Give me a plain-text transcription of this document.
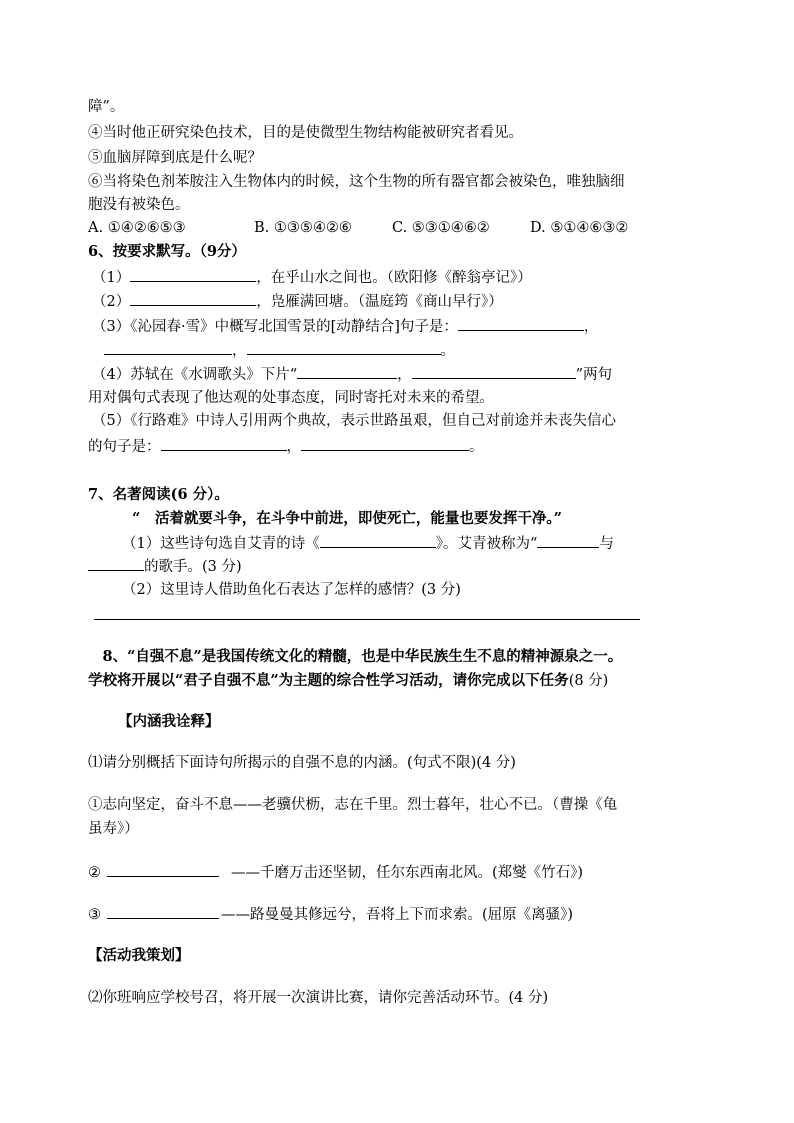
障”。
④当时他正研究染色技术，目的是使微型生物结构能被研究者看见。
⑤血脑屏障到底是什么呢？
⑥当将染色剂苯胺注入生物体内的时候，这个生物的所有器官都会被染色，唯独脑细
胞没有被染色。
A. ①④②⑥⑤③	B. ①③⑤④②⑥	C. ⑤③①④⑥②	D. ⑤①④⑥③②
6、按要求默写。（9分）
（1）	，在乎山水之间也。（欧阳修《醉翁亭记》）
（2）	，凫雁满回塘。（温庭筠《商山早行》）
（3）《沁园春·雪》中概写北国雪景的[动静结合]句子是：	，
，	。
（4）苏轼在《水调歌头》下片“	，	”两句
用对偶句式表现了他达观的处事态度，同时寄托对未来的希望。
（5）《行路难》中诗人引用两个典故，表示世路虽艰，但自己对前途并未丧失信心
的句子是：	，	。
7、名著阅读(6 分）。
“　活着就要斗争，在斗争中前进，即使死亡，能量也要发挥干净。”
（1）这些诗句选自艾青的诗《	》。艾青被称为“	与
的歌手。(3 分)
（2）这里诗人借助鱼化石表达了怎样的感情？(3 分)
　8、“自强不息”是我国传统文化的精髓，也是中华民族生生不息的精神源泉之一。
学校将开展以“君子自强不息”为主题的综合性学习活动，请你完成以下任务(8 分)
【内涵我诠释】
⑴请分别概括下面诗句所揭示的自强不息的内涵。(句式不限)(4 分)
①志向坚定，奋斗不息——老骥伏枥，志在千里。烈士暮年，壮心不已。（曹操《龟
虽寿》）
②	——千磨万击还坚韧，任尔东西南北风。(郑燮《竹石》)
③	——路曼曼其修远兮，吾将上下而求索。(屈原《离骚》)
【活动我策划】
⑵你班响应学校号召，将开展一次演讲比赛，请你完善活动环节。(4 分)
